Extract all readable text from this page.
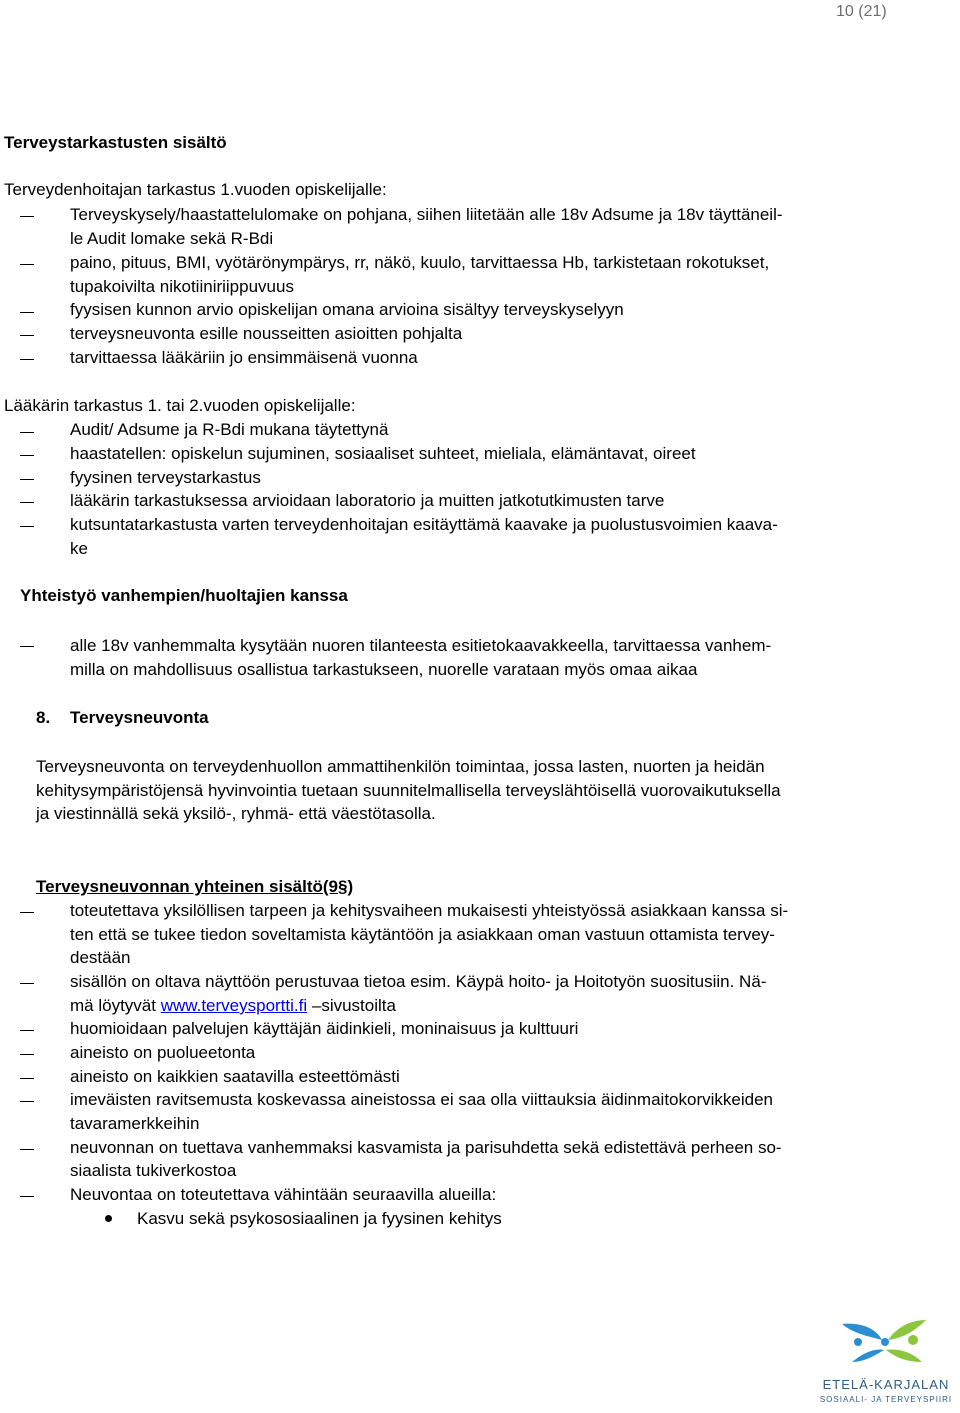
10 (21)
Terveystarkastusten sisältö
Terveydenhoitajan tarkastus 1.vuoden opiskelijalle:
Terveyskysely/haastattelulomake on pohjana, siihen liitetään alle 18v Adsume ja 18v täyttäneil-
le Audit lomake sekä R-Bdi
paino, pituus, BMI, vyötärönympärys, rr, näkö, kuulo, tarvittaessa Hb, tarkistetaan rokotukset,
tupakoivilta nikotiiniriippuvuus
fyysisen kunnon arvio opiskelijan omana arvioina sisältyy terveyskyselyyn
terveysneuvonta esille nousseitten asioitten pohjalta
tarvittaessa lääkäriin jo ensimmäisenä vuonna
Lääkärin tarkastus 1. tai 2.vuoden opiskelijalle:
Audit/ Adsume ja R-Bdi mukana täytettynä
haastatellen: opiskelun sujuminen, sosiaaliset suhteet, mieliala, elämäntavat, oireet
fyysinen terveystarkastus
lääkärin tarkastuksessa arvioidaan laboratorio ja muitten jatkotutkimusten tarve
kutsuntatarkastusta varten terveydenhoitajan esitäyttämä kaavake ja puolustusvoimien kaava-
ke
Yhteistyö vanhempien/huoltajien kanssa
alle 18v vanhemmalta kysytään nuoren tilanteesta esitietokaavakkeella, tarvittaessa vanhem-
milla on mahdollisuus osallistua tarkastukseen, nuorelle varataan myös omaa aikaa
8. Terveysneuvonta
Terveysneuvonta on terveydenhuollon ammattihenkilön toimintaa, jossa lasten, nuorten ja heidän
kehitysympäristöjensä hyvinvointia tuetaan suunnitelmallisella terveyslähtöisellä vuorovaikutuksella
ja viestinnällä sekä yksilö-, ryhmä- että väestötasolla.
Terveysneuvonnan yhteinen sisältö(9§)
toteutettava yksilöllisen tarpeen ja kehitysvaiheen mukaisesti yhteistyössä asiakkaan kanssa si-
ten että se tukee tiedon soveltamista käytäntöön ja asiakkaan oman vastuun ottamista tervey-
destään
sisällön on oltava näyttöön perustuvaa tietoa esim. Käypä hoito- ja Hoitotyön suositusiin. Nä-
mä löytyvät www.terveysportti.fi –sivustoilta
huomioidaan palvelujen käyttäjän äidinkieli, moninaisuus ja kulttuuri
aineisto on puolueetonta
aineisto on kaikkien saatavilla esteettömästi
imeväisten ravitsemusta koskevassa aineistossa ei saa olla viittauksia äidinmaitokorvikkeiden
tavaramerkkeihin
neuvonnan on tuettava vanhemmaksi kasvamista ja parisuhdetta sekä edistettävä perheen so-
siaalista tukiverkostoa
Neuvontaa on toteutettava vähintään seuraavilla alueilla:
Kasvu sekä psykososiaalinen ja fyysinen kehitys
ETELÄ-KARJALAN
SOSIAALI- JA TERVEYSPIIRI
